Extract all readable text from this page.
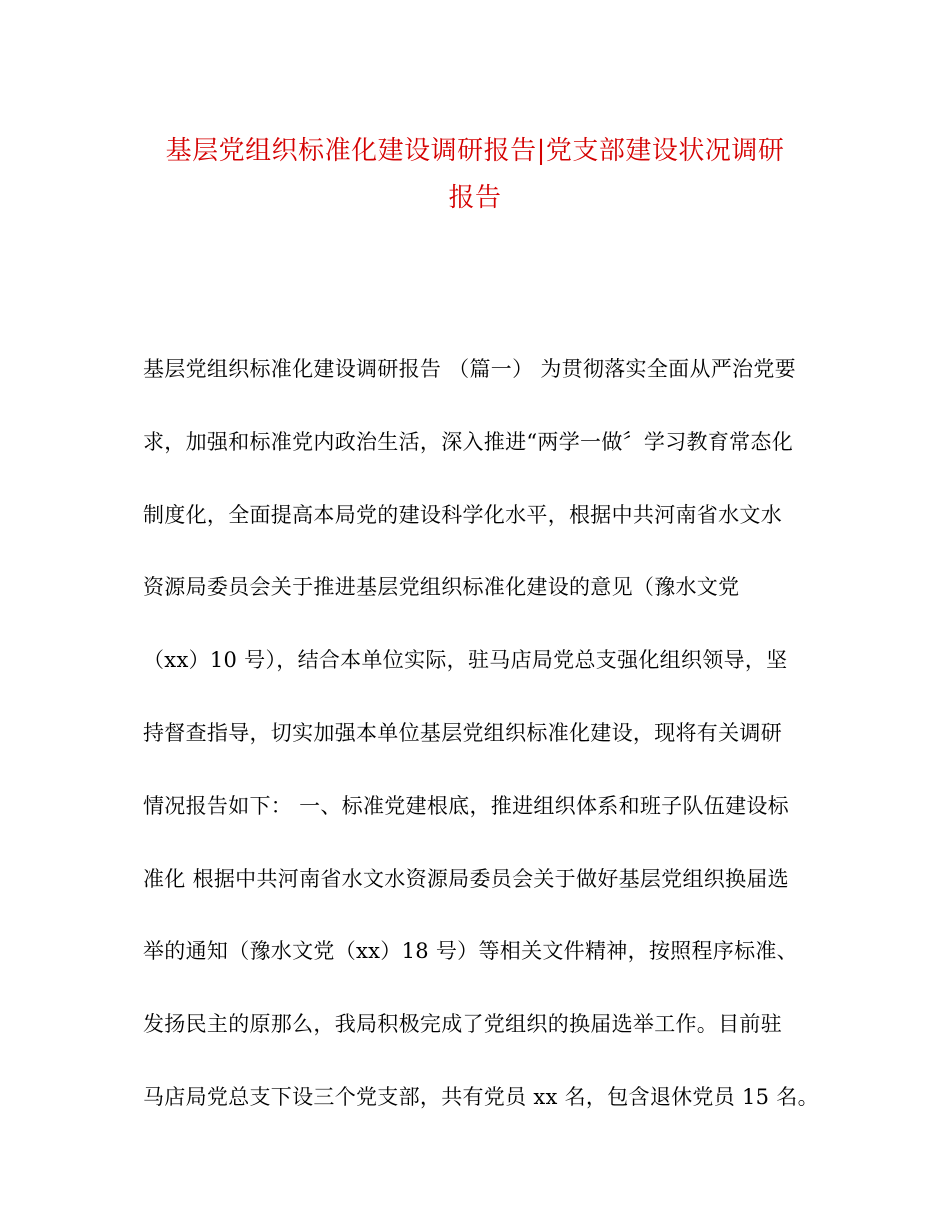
基层党组织标准化建设调研报告|党支部建设状况调研
报告
基层党组织标准化建设调研报告 （篇一） 为贯彻落实全面从严治党要
求，加强和标准党内政治生活，深入推进“两学一做〞学习教育常态化
制度化，全面提高本局党的建设科学化水平，根据中共河南省水文水
资源局委员会关于推进基层党组织标准化建设的意见（豫水文党
（xx）10 号），结合本单位实际，驻马店局党总支强化组织领导，坚
持督查指导，切实加强本单位基层党组织标准化建设，现将有关调研
情况报告如下： 一、标准党建根底，推进组织体系和班子队伍建设标
准化 根据中共河南省水文水资源局委员会关于做好基层党组织换届选
举的通知（豫水文党（xx）18 号）等相关文件精神，按照程序标准、
发扬民主的原那么，我局积极完成了党组织的换届选举工作。目前驻
马店局党总支下设三个党支部，共有党员 xx 名，包含退休党员 15 名。
